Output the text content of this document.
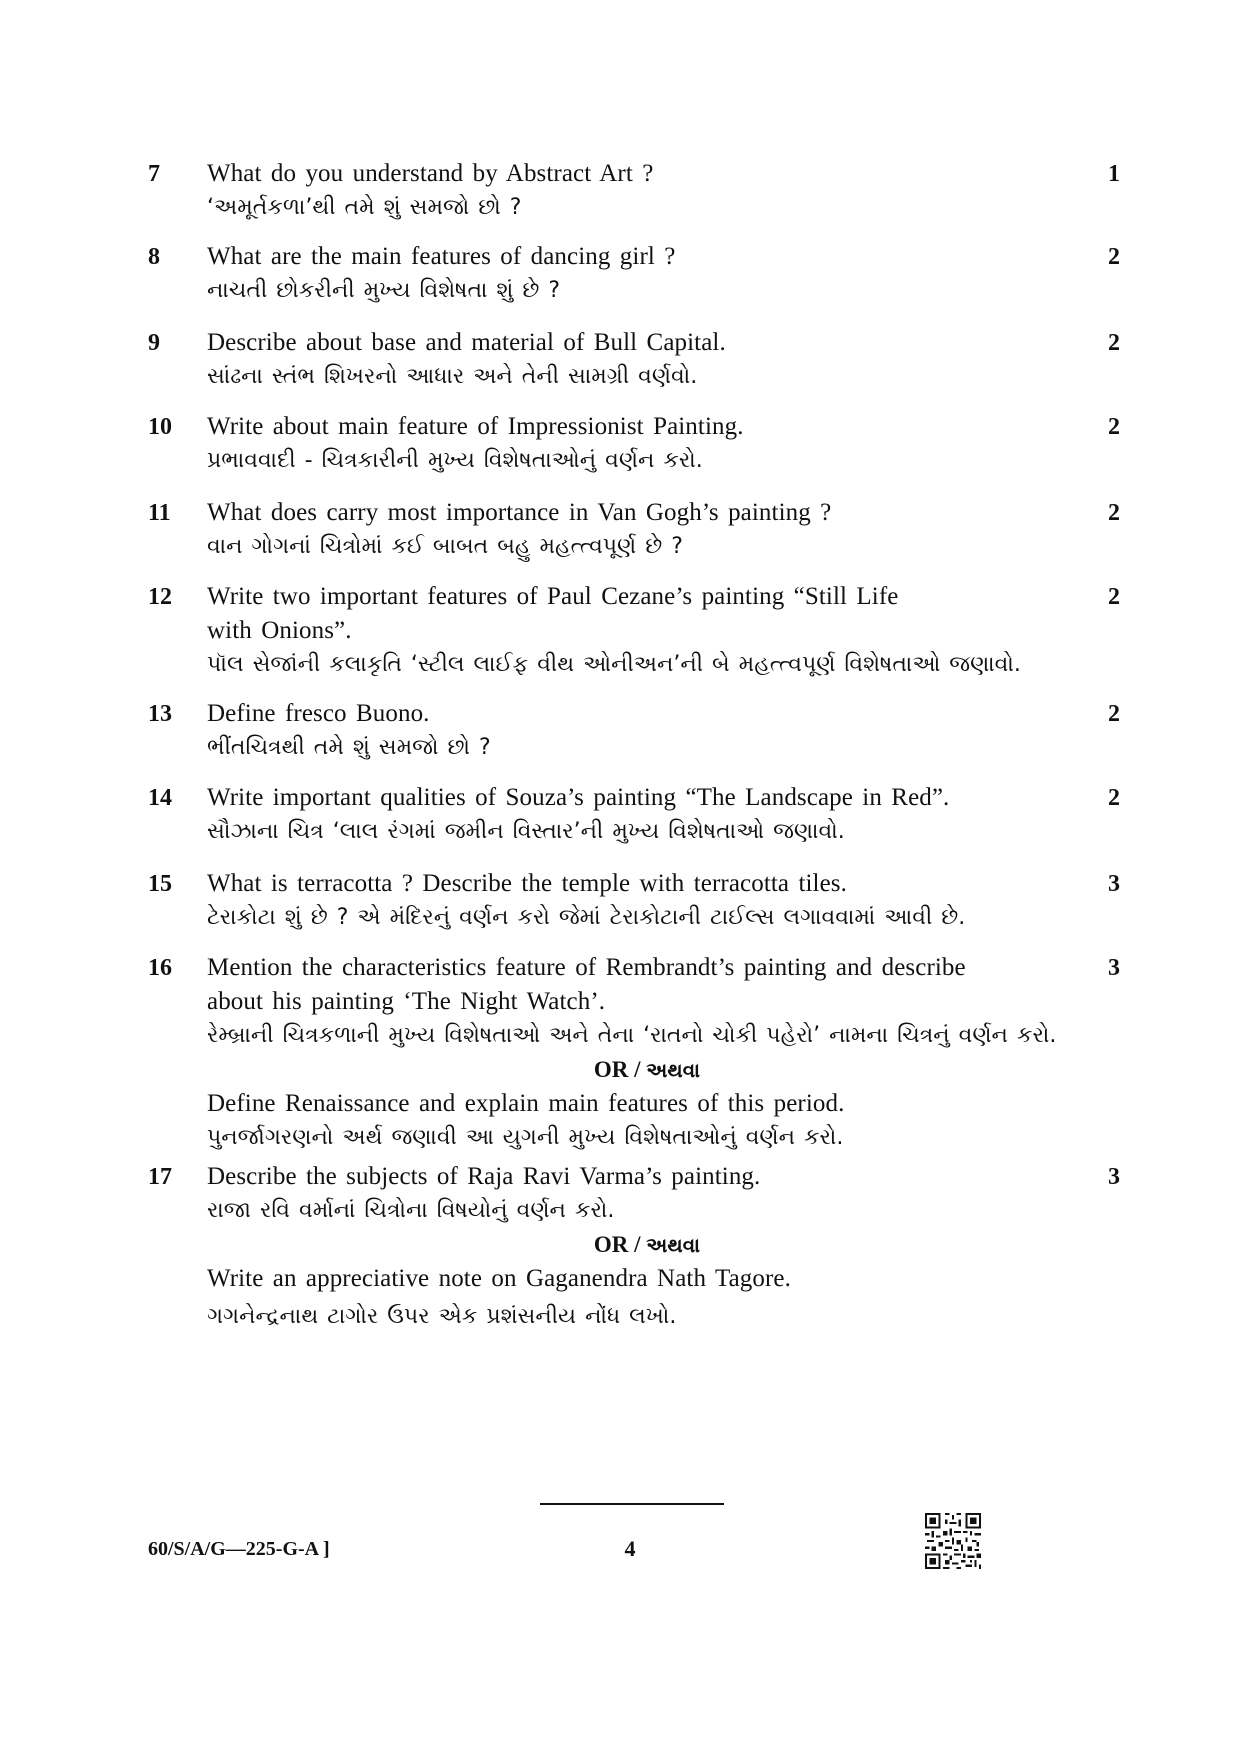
7 What do you understand by Abstract Art ?
‘અમૂર્તકળા’થી તમે શું સમજો છો ?
1
8 What are the main features of dancing girl ?
નાચતી છોકરીની મુખ્ય વિશેષતા શું છે ?
2
9 Describe about base and material of Bull Capital.
સાંઢના સ્તંભ શિખરનો આધાર અને તેની સામગ્રી વર્ણવો.
2
10 Write about main feature of Impressionist Painting.
પ્રભાવવાદી - ચિત્રકારીની મુખ્ય વિશેષતાઓનું વર્ણન કરો.
2
11 What does carry most importance in Van Gogh’s painting ?
વાન ગોગનાં ચિત્રોમાં કઈ બાબત બહુ મહત્ત્વપૂર્ણ છે ?
2
12 Write two important features of Paul Cezane’s painting “Still Life
with Onions”.
પૉલ સેજાંની કલાકૃતિ ‘સ્ટીલ લાઈફ વીથ ઓનીઅન’ની બે મહત્ત્વપૂર્ણ વિશેષતાઓ જણાવો.
2
13 Define fresco Buono.
ભીંતચિત્રથી તમે શું સમજો છો ?
2
14 Write important qualities of Souza’s painting “The Landscape in Red”.
સૌઝાના ચિત્ર ‘લાલ રંગમાં જમીન વિસ્તાર’ની મુખ્ય વિશેષતાઓ જણાવો.
2
15 What is terracotta ? Describe the temple with terracotta tiles.
ટેરાકોટા શું છે ? એ મંદિરનું વર્ણન કરો જેમાં ટેરાકોટાની ટાઈલ્સ લગાવવામાં આવી છે.
3
16 Mention the characteristics feature of Rembrandt’s painting and describe
about his painting ‘The Night Watch’.
રેમ્બ્રાની ચિત્રકળાની મુખ્ય વિશેષતાઓ અને તેના ‘રાતનો ચોકી પહેરો’ નામના ચિત્રનું વર્ણન કરો.
OR / અથવા
Define Renaissance and explain main features of this period.
પુનર્જાગરણનો અર્થ જણાવી આ યુગની મુખ્ય વિશેષતાઓનું વર્ણન કરો.
3
17 Describe the subjects of Raja Ravi Varma’s painting.
રાજા રવિ વર્માનાં ચિત્રોના વિષયોનું વર્ણન કરો.
OR / અથવા
Write an appreciative note on Gaganendra Nath Tagore.
ગગનેન્દ્રનાથ ટાગોર ઉપર એક પ્રશંસનીય નોંધ લખો.
3
60/S/A/G—225-G-A ]	4
